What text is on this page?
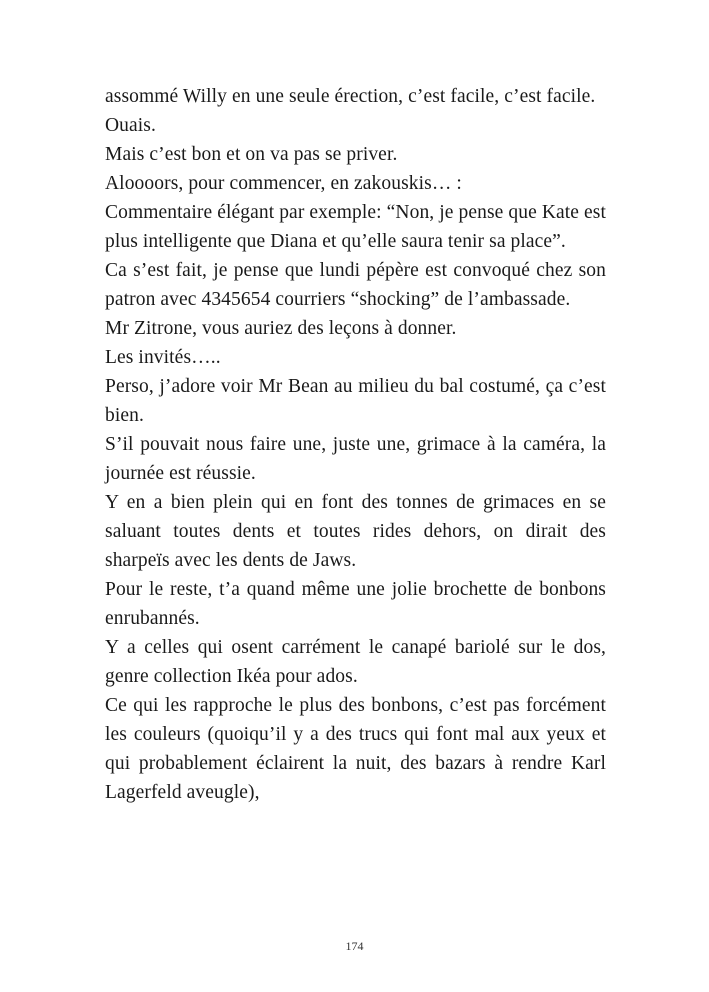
assommé Willy en une seule érection, c’est facile, c’est facile.

Ouais.

Mais c’est bon et on va pas se priver.

Aloooors, pour commencer, en zakouskis… :

Commentaire élégant par exemple: “Non, je pense que Kate est plus intelligente que Diana et qu’elle saura tenir sa place”.

Ca s’est fait, je pense que lundi pépère est convoqué chez son patron avec 4345654 courriers “shocking” de l’ambassade.

Mr Zitrone, vous auriez des leçons à donner.

Les invités…..

Perso, j’adore voir Mr Bean au milieu du bal costumé, ça c’est bien.

S’il pouvait nous faire une, juste une, grimace à la caméra, la journée est réussie.

Y en a bien plein qui en font des tonnes de grimaces en se saluant toutes dents et toutes rides dehors, on dirait des sharpeïs avec les dents de Jaws.

Pour le reste, t’a quand même une jolie brochette de bonbons enrubannés.

Y a celles qui osent carrément le canapé bariolé sur le dos, genre collection Ikéa pour ados.

Ce qui les rapproche le plus des bonbons, c’est pas forcément les couleurs (quoiqu’il y a des trucs qui font mal aux yeux et qui probablement éclairent la nuit, des bazars à rendre Karl Lagerfeld aveugle),

174
